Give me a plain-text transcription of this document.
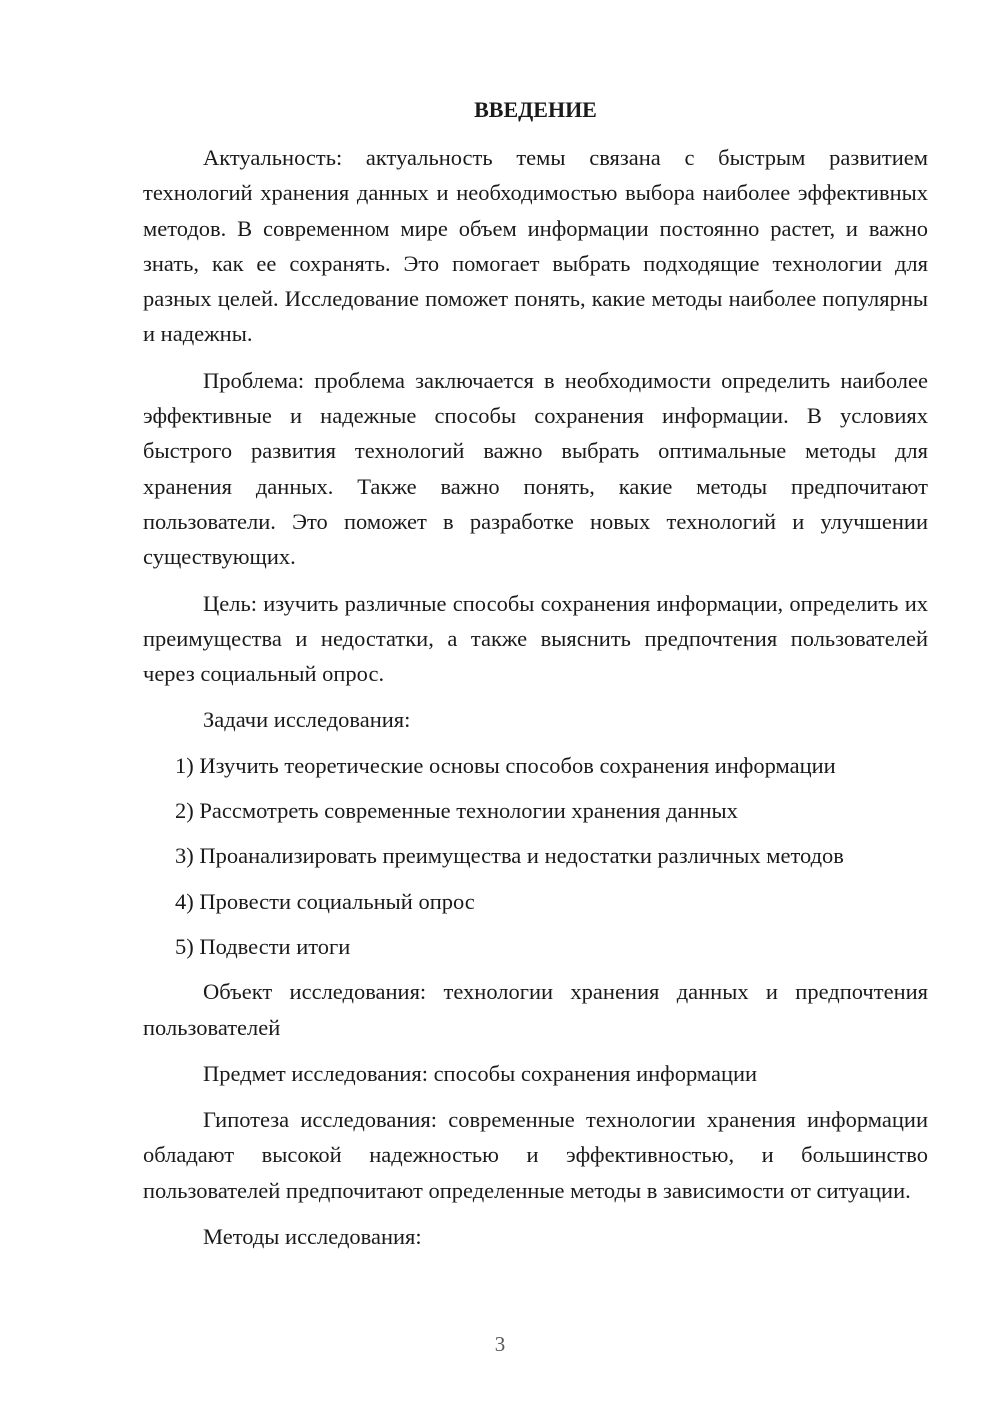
ВВЕДЕНИЕ

Актуальность: актуальность темы связана с быстрым развитием технологий хранения данных и необходимостью выбора наиболее эффективных методов. В современном мире объем информации постоянно растет, и важно знать, как ее сохранять. Это помогает выбрать подходящие технологии для разных целей. Исследование поможет понять, какие методы наиболее популярны и надежны.

Проблема: проблема заключается в необходимости определить наиболее эффективные и надежные способы сохранения информации. В условиях быстрого развития технологий важно выбрать оптимальные методы для хранения данных. Также важно понять, какие методы предпочитают пользователи. Это поможет в разработке новых технологий и улучшении существующих.

Цель: изучить различные способы сохранения информации, определить их преимущества и недостатки, а также выяснить предпочтения пользователей через социальный опрос.

Задачи исследования:

1) Изучить теоретические основы способов сохранения информации
2) Рассмотреть современные технологии хранения данных
3) Проанализировать преимущества и недостатки различных методов
4) Провести социальный опрос
5) Подвести итоги

Объект исследования: технологии хранения данных и предпочтения пользователей

Предмет исследования: способы сохранения информации

Гипотеза исследования: современные технологии хранения информации обладают высокой надежностью и эффективностью, и большинство пользователей предпочитают определенные методы в зависимости от ситуации.

Методы исследования:

3
